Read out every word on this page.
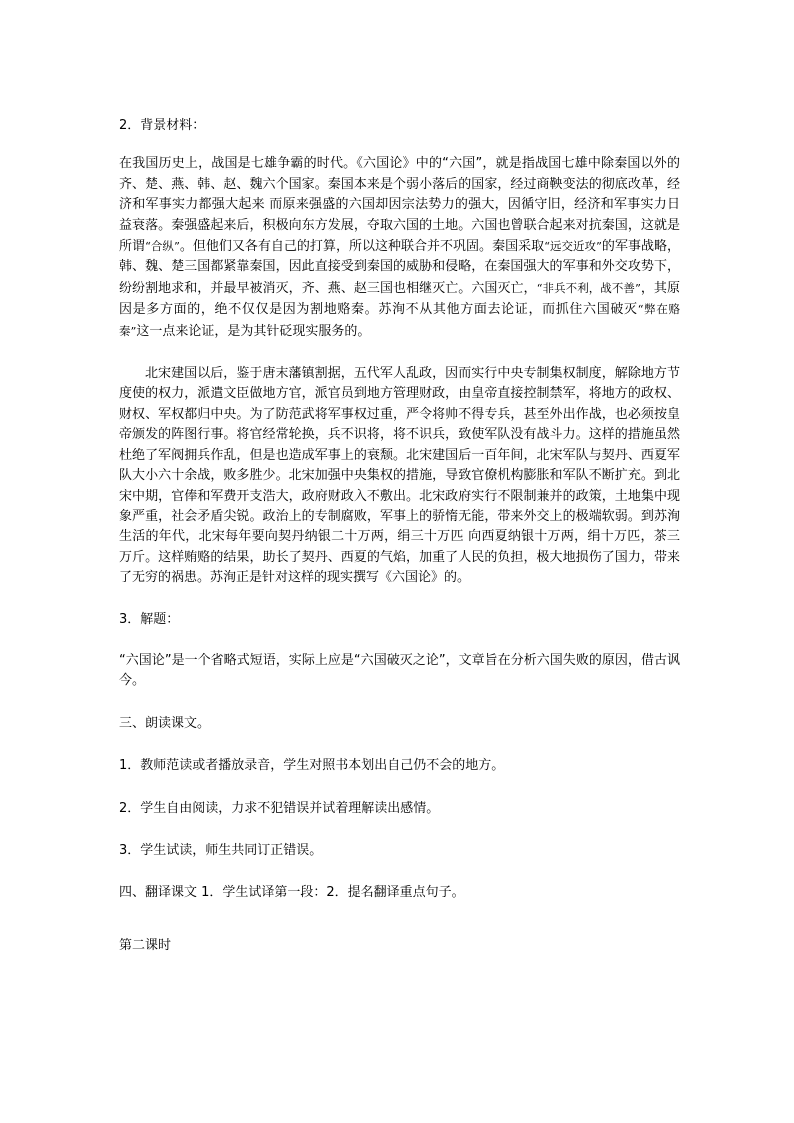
2．背景材料：

在我国历史上，战国是七雄争霸的时代。《六国论》中的“六国”，就是指战国七雄中除秦国以外的齐、楚、燕、韩、赵、魏六个国家。秦国本来是个弱小落后的国家，经过商鞅变法的彻底改革，经济和军事实力都强大起来 而原来强盛的六国却因宗法势力的强大，因循守旧，经济和军事实力日益衰落。秦强盛起来后，积极向东方发展，夺取六国的土地。六国也曾联合起来对抗秦国，这就是所谓“合纵”。但他们又各有自己的打算，所以这种联合并不巩固。秦国采取“远交近攻”的军事战略，韩、魏、楚三国都紧靠秦国，因此直接受到秦国的威胁和侵略，在秦国强大的军事和外交攻势下，纷纷割地求和，并最早被消灭，齐、燕、赵三国也相继灭亡。六国灭亡，“非兵不利，战不善”，其原因是多方面的，绝不仅仅是因为割地赂秦。苏洵不从其他方面去论证，而抓住六国破灭“弊在赂秦”这一点来论证，是为其针砭现实服务的。

北宋建国以后，鉴于唐末藩镇割据，五代军人乱政，因而实行中央专制集权制度，解除地方节度使的权力，派遣文臣做地方官，派官员到地方管理财政，由皇帝直接控制禁军，将地方的政权、财权、军权都归中央。为了防范武将军事权过重，严令将帅不得专兵，甚至外出作战，也必须按皇帝颁发的阵图行事。将官经常轮换，兵不识将，将不识兵，致使军队没有战斗力。这样的措施虽然杜绝了军阀拥兵作乱，但是也造成军事上的衰颓。北宋建国后一百年间，北宋军队与契丹、西夏军队大小六十余战，败多胜少。北宋加强中央集权的措施，导致官僚机构膨胀和军队不断扩充。到北宋中期，官俸和军费开支浩大，政府财政入不敷出。北宋政府实行不限制兼并的政策，土地集中现象严重，社会矛盾尖锐。政治上的专制腐败，军事上的骄惰无能，带来外交上的极端软弱。到苏洵生活的年代，北宋每年要向契丹纳银二十万两，绢三十万匹 向西夏纳银十万两，绢十万匹，茶三万斤。这样贿赂的结果，助长了契丹、西夏的气焰，加重了人民的负担，极大地损伤了国力，带来了无穷的祸患。苏洵正是针对这样的现实撰写《六国论》的。

3．解题：

“六国论”是一个省略式短语，实际上应是“六国破灭之论”，文章旨在分析六国失败的原因，借古讽今。

三、朗读课文。

1．教师范读或者播放录音，学生对照书本划出自己仍不会的地方。

2．学生自由阅读，力求不犯错误并试着理解读出感情。

3．学生试读，师生共同订正错误。

四、翻译课文 1．学生试译第一段：2．提名翻译重点句子。

第二课时
